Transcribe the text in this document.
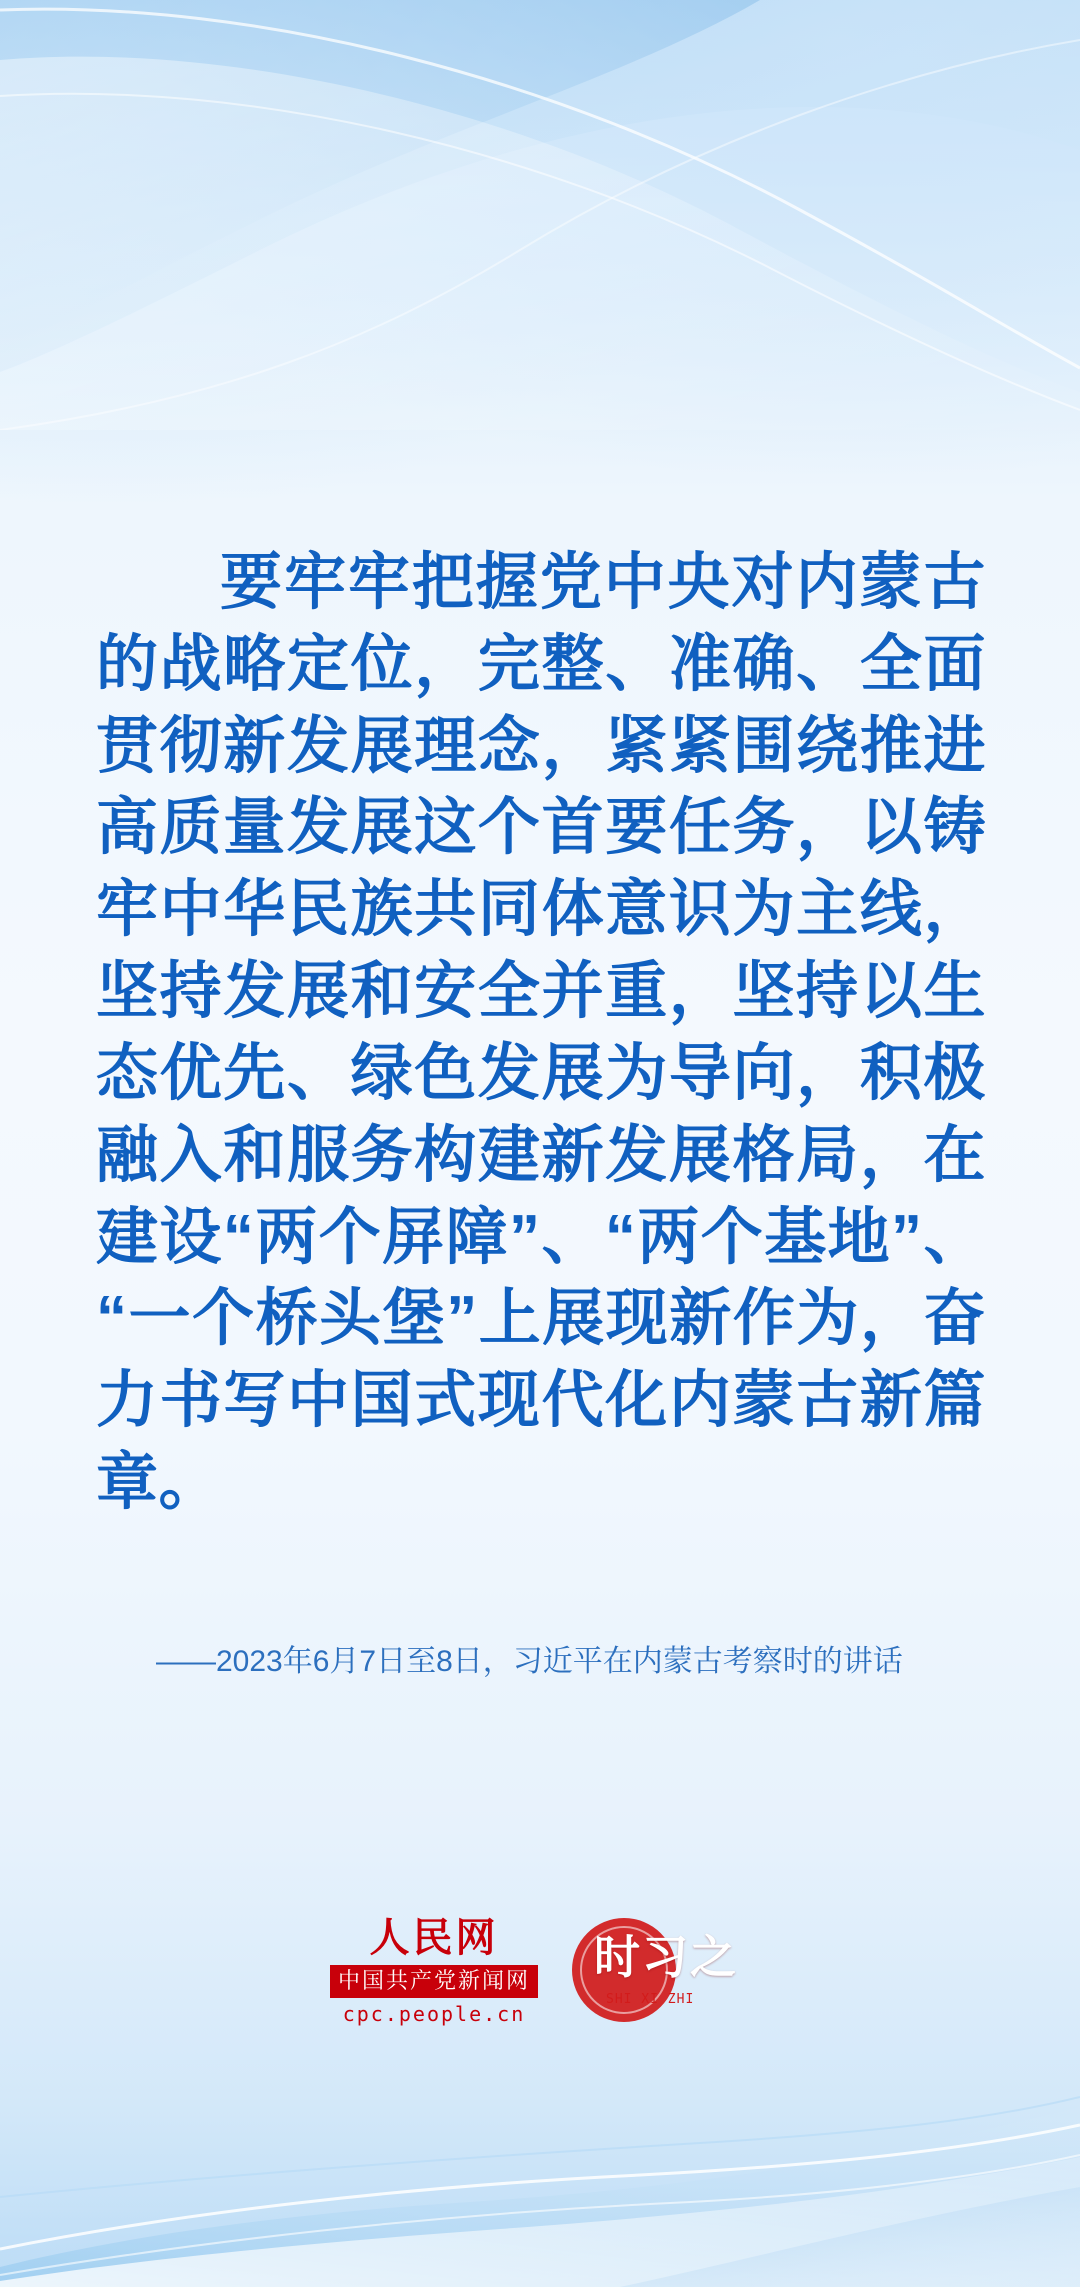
要牢牢把握党中央对内蒙古的战略定位，完整、准确、全面贯彻新发展理念，紧紧围绕推进高质量发展这个首要任务，以铸牢中华民族共同体意识为主线，坚持发展和安全并重，坚持以生态优先、绿色发展为导向，积极融入和服务构建新发展格局，在建设“两个屏障”、“两个基地”、“一个桥头堡”上展现新作为，奋力书写中国式现代化内蒙古新篇章。

——2023年6月7日至8日，习近平在内蒙古考察时的讲话

人民网
中国共产党新闻网
cpc.people.cn
时习之
SHI XI ZHI
